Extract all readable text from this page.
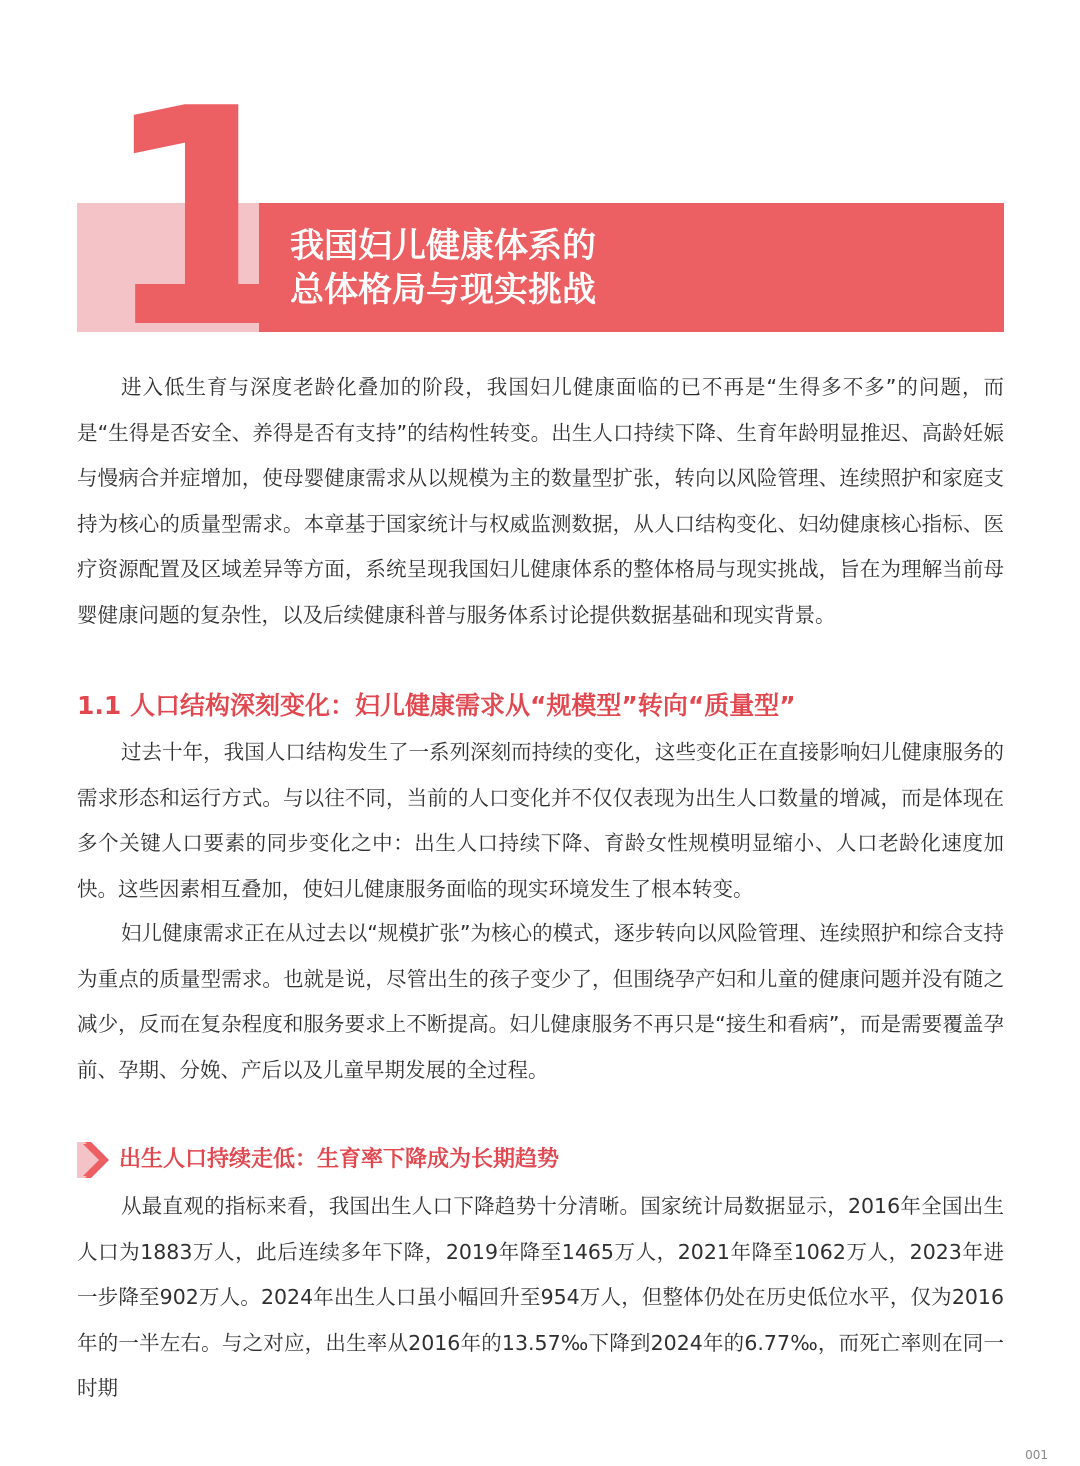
1
我国妇儿健康体系的
总体格局与现实挑战

进入低生育与深度老龄化叠加的阶段，我国妇儿健康面临的已不再是“生得多不多”的问题，而是“生得是否安全、养得是否有支持”的结构性转变。出生人口持续下降、生育年龄明显推迟、高龄妊娠与慢病合并症增加，使母婴健康需求从以规模为主的数量型扩张，转向以风险管理、连续照护和家庭支持为核心的质量型需求。本章基于国家统计与权威监测数据，从人口结构变化、妇幼健康核心指标、医疗资源配置及区域差异等方面，系统呈现我国妇儿健康体系的整体格局与现实挑战，旨在为理解当前母婴健康问题的复杂性，以及后续健康科普与服务体系讨论提供数据基础和现实背景。

1.1 人口结构深刻变化：妇儿健康需求从“规模型”转向“质量型”

过去十年，我国人口结构发生了一系列深刻而持续的变化，这些变化正在直接影响妇儿健康服务的需求形态和运行方式。与以往不同，当前的人口变化并不仅仅表现为出生人口数量的增减，而是体现在多个关键人口要素的同步变化之中：出生人口持续下降、育龄女性规模明显缩小、人口老龄化速度加快。这些因素相互叠加，使妇儿健康服务面临的现实环境发生了根本转变。

妇儿健康需求正在从过去以“规模扩张”为核心的模式，逐步转向以风险管理、连续照护和综合支持为重点的质量型需求。也就是说，尽管出生的孩子变少了，但围绕孕产妇和儿童的健康问题并没有随之减少，反而在复杂程度和服务要求上不断提高。妇儿健康服务不再只是“接生和看病”，而是需要覆盖孕前、孕期、分娩、产后以及儿童早期发展的全过程。

出生人口持续走低：生育率下降成为长期趋势

从最直观的指标来看，我国出生人口下降趋势十分清晰。国家统计局数据显示，2016年全国出生人口为1883万人，此后连续多年下降，2019年降至1465万人，2021年降至1062万人，2023年进一步降至902万人。2024年出生人口虽小幅回升至954万人，但整体仍处在历史低位水平，仅为2016年的一半左右。与之对应，出生率从2016年的13.57‰下降到2024年的6.77‰，而死亡率则在同一时期

001
